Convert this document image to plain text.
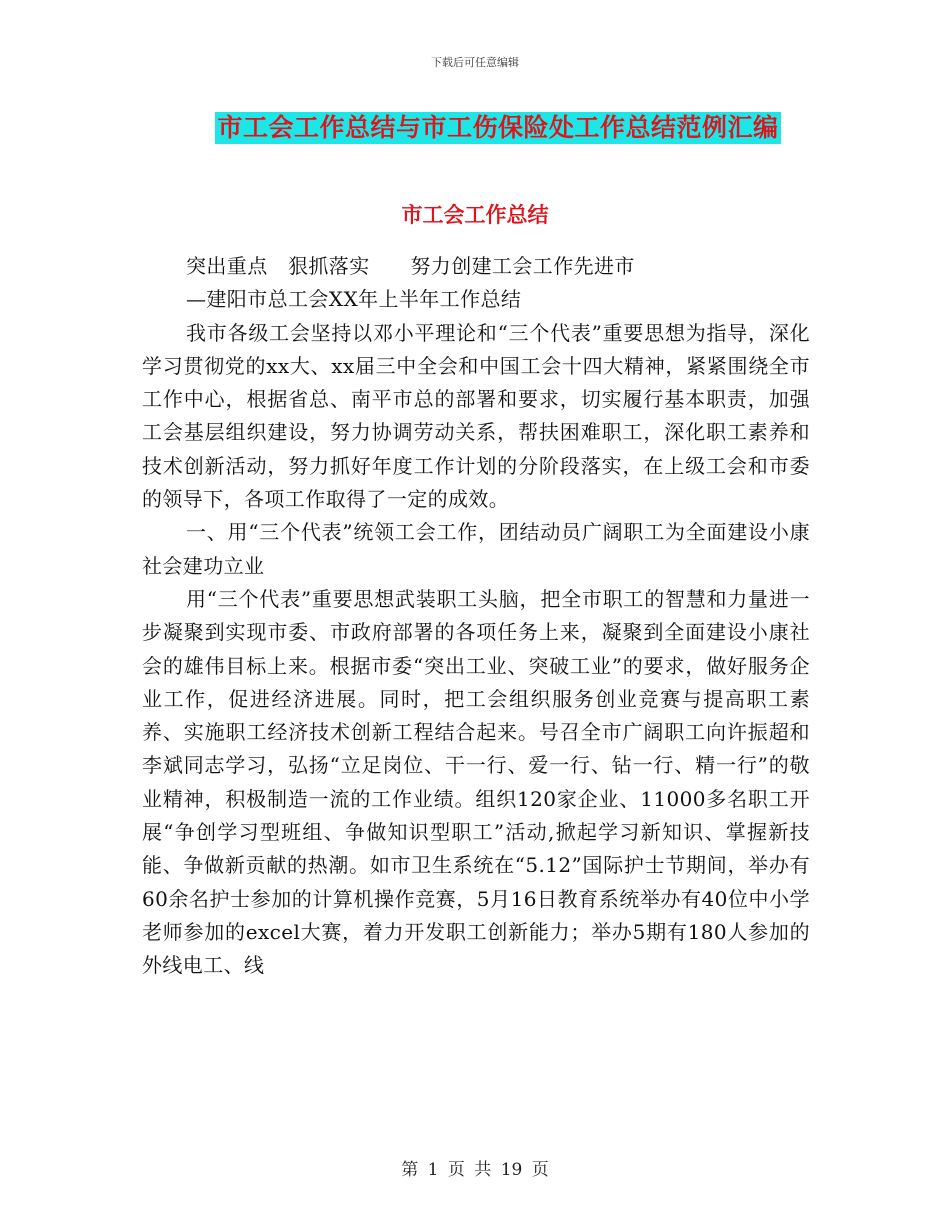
下载后可任意编辑
市工会工作总结与市工伤保险处工作总结范例汇编
市工会工作总结

突出重点　狠抓落实　　努力创建工会工作先进市

—建阳市总工会XX年上半年工作总结

我市各级工会坚持以邓小平理论和“三个代表”重要思想为指导，深化学习贯彻党的xx大、xx届三中全会和中国工会十四大精神，紧紧围绕全市工作中心，根据省总、南平市总的部署和要求，切实履行基本职责，加强工会基层组织建设，努力协调劳动关系，帮扶困难职工，深化职工素养和技术创新活动，努力抓好年度工作计划的分阶段落实，在上级工会和市委的领导下，各项工作取得了一定的成效。

一、用“三个代表”统领工会工作，团结动员广阔职工为全面建设小康社会建功立业

用“三个代表”重要思想武装职工头脑，把全市职工的智慧和力量进一步凝聚到实现市委、市政府部署的各项任务上来，凝聚到全面建设小康社会的雄伟目标上来。根据市委“突出工业、突破工业”的要求，做好服务企业工作，促进经济进展。同时，把工会组织服务创业竞赛与提高职工素养、实施职工经济技术创新工程结合起来。号召全市广阔职工向许振超和李斌同志学习，弘扬“立足岗位、干一行、爱一行、钻一行、精一行”的敬业精神，积极制造一流的工作业绩。组织120家企业、11000多名职工开展“争创学习型班组、争做知识型职工”活动,掀起学习新知识、掌握新技能、争做新贡献的热潮。如市卫生系统在“5.12”国际护士节期间，举办有60余名护士参加的计算机操作竞赛，5月16日教育系统举办有40位中小学老师参加的excel大赛，着力开发职工创新能力；举办5期有180人参加的外线电工、线

第 1 页 共 19 页
